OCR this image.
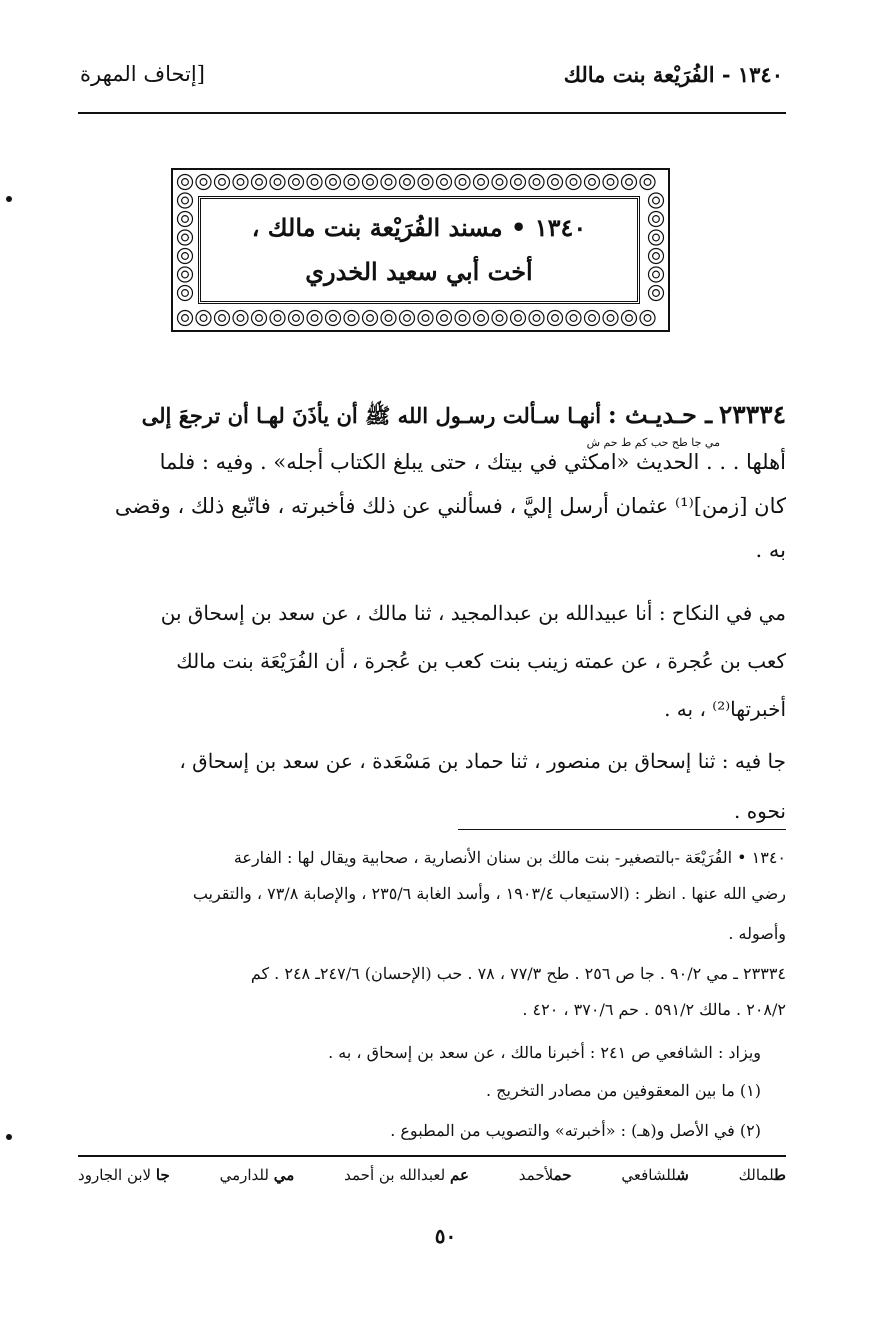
١٣٤٠ - الفُرَيْعة بنت مالك
[إتحاف المهرة
١٣٤٠ • مسند الفُرَيْعة بنت مالك ،
أخت أبي سعيد الخدري

٢٣٣٣٤ ـ حـديـث : أنهـا سـألت رسـول الله ﷺ أن يأذَنَ لهـا أن ترجعَ إلى

أهلها . . . الحديث «امكثي في بيتك ، حتى يبلغ الكتاب أجله» . وفيه : فلما

كان [زمن]⁽¹⁾ عثمان أرسل إليَّ ، فسألني عن ذلك فأخبرته ، فاتّبع ذلك ، وقضى

به .

مي جا طح حب كم ط حم ش

مي في النكاح : أنا عبيدالله بن عبدالمجيد ، ثنا مالك ، عن سعد بن إسحاق بن

كعب بن عُجرة ، عن عمته زينب بنت كعب بن عُجرة ، أن الفُرَيْعَة بنت مالك

أخبرتها⁽²⁾ ، به .

جا فيه : ثنا إسحاق بن منصور ، ثنا حماد بن مَسْعَدة ، عن سعد بن إسحاق ،

نحوه .

١٣٤٠ • الفُرَيْعَة -بالتصغير- بنت مالك بن سنان الأنصارية ، صحابية ويقال لها : الفارعة

رضي الله عنها . انظر : (الاستيعاب ١٩٠٣/٤ ، وأسد الغابة ٢٣٥/٦ ، والإصابة ٧٣/٨ ، والتقريب

وأصوله .

٢٣٣٣٤ ـ مي ٩٠/٢ . جا ص ٢٥٦ . طح ٧٧/٣ ، ٧٨ . حب (الإحسان) ٢٤٧/٦ـ ٢٤٨ . كم

٢٠٨/٢ . مالك ٥٩١/٢ . حم ٣٧٠/٦ ، ٤٢٠ .

ويزاد : الشافعي ص ٢٤١ : أخبرنا مالك ، عن سعد بن إسحاق ، به .

(١) ما بين المعقوفين من مصادر التخريج .

(٢) في الأصل و(هـ) : «أخبرته» والتصويب من المطبوع .

طلمالك
شللشافعي
حملأحمد
عم لعبدالله بن أحمد
مي للدارمي
جا لابن الجارود
٥٠
